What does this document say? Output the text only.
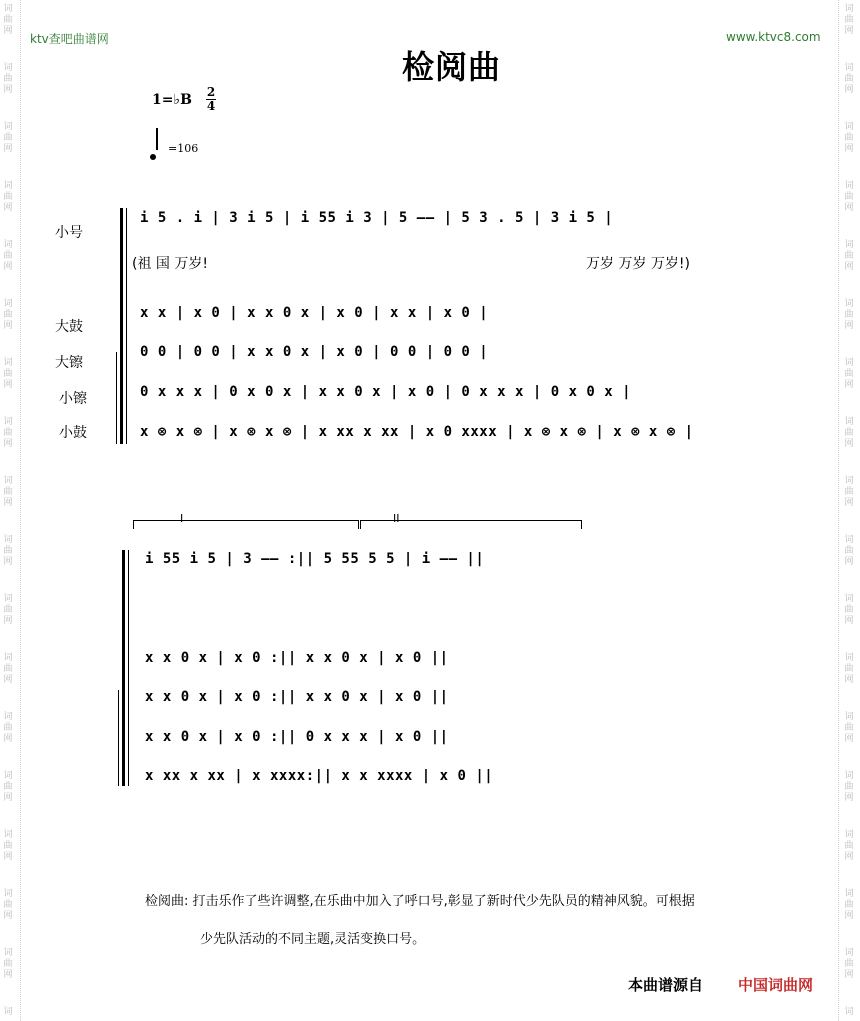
词
曲
网
词
曲
网
词
曲
网
词
曲
网
词
曲
网
词
曲
网
词
曲
网
词
曲
网
词
曲
网
词
曲
网
词
曲
网
词
曲
网
词
曲
网
词
曲
网
词
曲
网
词
曲
网
词
曲
网
词
词
曲
网
词
曲
网
词
曲
网
词
曲
网
词
曲
网
词
曲
网
词
曲
网
词
曲
网
词
曲
网
词
曲
网
词
曲
网
词
曲
网
词
曲
网
词
曲
网
词
曲
网
词
曲
网
词
曲
网
词
ktv查吧曲谱网	www.ktvc8.com
检阅曲
1=♭B 2
4
=106
小号
大鼓
大镲
小镲
小鼓
i 5 . i | 3 i 5 | i 55 i 3 | 5 —— | 5 3 . 5 | 3 i 5 |
(祖 国 万岁!	万岁 万岁 万岁!)
x x | x 0 | x x 0 x | x 0 | x x | x 0 |
0 0 | 0 0 | x x 0 x | x 0 | 0 0 | 0 0 |
0 x x x | 0 x 0 x | x x 0 x | x 0 | 0 x x x | 0 x 0 x |
x ⊗ x ⊗ | x ⊗ x ⊗ | x xx x xx | x 0 xxxx | x ⊗ x ⊗ | x ⊗ x ⊗ |
I	II
i 55 i 5 | 3 —— :|| 5 55 5 5 | i —— ||
x x 0 x | x 0 :|| x x 0 x | x 0 ||
x x 0 x | x 0 :|| x x 0 x | x 0 ||
x x 0 x | x 0 :|| 0 x x x | x 0 ||
x xx x xx | x xxxx:|| x x xxxx | x 0 ||
检阅曲: 打击乐作了些许调整,在乐曲中加入了呼口号,彰显了新时代少先队员的精神风貌。可根据
少先队活动的不同主题,灵活变换口号。
本曲谱源自 中国词曲网
